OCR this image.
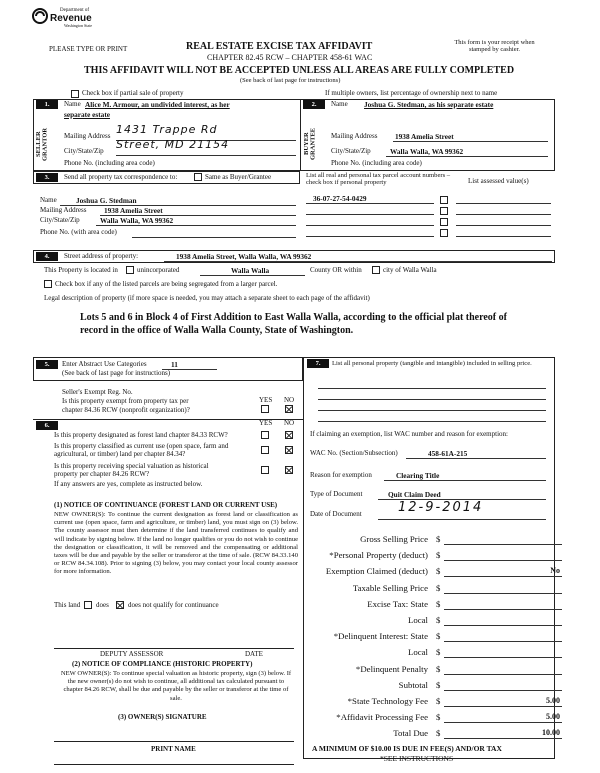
Department of
Revenue
Washington State
PLEASE TYPE OR PRINT	REAL ESTATE EXCISE TAX AFFIDAVIT
CHAPTER 82.45 RCW – CHAPTER 458-61 WAC
This form is your receipt when stamped by cashier.
THIS AFFIDAVIT WILL NOT BE ACCEPTED UNLESS ALL AREAS ARE FULLY COMPLETED
(See back of last page for instructions)
Check box if partial sale of property	If multiple owners, list percentage of ownership next to name
1.
SELLER GRANTOR
Name Alice M. Armour, an undivided interest, as her
separate estate
Mailing Address 1431 Trappe Rd
City/State/Zip Street, MD 21154
Phone No. (including area code)
2.
BUYER GRANTEE
Name Joshua G. Stedman, as his separate estate
Mailing Address 1938 Amelia Street
City/State/Zip	Walla Walla, WA 99362
Phone No. (including area code)
3.	Send all property tax correspondence to:	Same as Buyer/Grantee
Name	Joshua G. Stedman
Mailing Address 1938 Amelia Street
City/State/Zip	Walla Walla, WA 99362
Phone No. (with area code)
List all real and personal tax parcel account numbers – check box if personal property	List assessed value(s)
36-07-27-54-0429
4.	Street address of property:	1938 Amelia Street, Walla Walla, WA 99362
This Property is located in	unincorporated	Walla Walla	County OR within	city of Walla Walla
Check box if any of the listed parcels are being segregated from a larger parcel.
Legal description of property (if more space is needed, you may attach a separate sheet to each page of the affidavit)
Lots 5 and 6 in Block 4 of First Addition to East Walla Walla, according to the official plat thereof of
record in the office of Walla Walla County, State of Washington.
5.	Enter Abstract Use Categories	11
(See back of last page for instructions)
Seller's Exempt Reg. No.
Is this property exempt from property tax per
chapter 84.36 RCW (nonprofit organization)?
YES NO
6.	YES NO
Is this property designated as forest land chapter 84.33 RCW?
Is this property classified as current use (open space, farm and
agricultural, or timber) land per chapter 84.34?
Is this property receiving special valuation as historical
property per chapter 84.26 RCW?
If any answers are yes, complete as instructed below.
(1) NOTICE OF CONTINUANCE (FOREST LAND OR CURRENT USE)
NEW OWNER(S): To continue the current designation as forest land or classification as current use (open space, farm and agriculture, or timber) land, you must sign on (3) below. The county assessor must then determine if the land transferred continues to qualify and will indicate by signing below. If the land no longer qualifies or you do not wish to continue the designation or classification, it will be removed and the compensating or additional taxes will be due and payable by the seller or transferor at the time of sale. (RCW 84.33.140 or RCW 84.34.108). Prior to signing (3) below, you may contact your local county assessor for more information.
This land does	does not qualify for continuance
DEPUTY ASSESSOR	DATE
(2) NOTICE OF COMPLIANCE (HISTORIC PROPERTY)
NEW OWNER(S): To continue special valuation as historic property, sign (3) below. If the new owner(s) do not wish to continue, all additional tax calculated pursuant to chapter 84.26 RCW, shall be due and payable by the seller or transferor at the time of sale.
(3) OWNER(S) SIGNATURE
PRINT NAME
7.	List all personal property (tangible and intangible) included in selling price.
If claiming an exemption, list WAC number and reason for exemption:
WAC No. (Section/Subsection)	458-61A-215
Reason for exemption	Clearing Title
Type of Document	Quit Claim Deed
Date of Document	12-9-2014
Gross Selling Price $
*Personal Property (deduct) $
Exemption Claimed (deduct) $	No
Taxable Selling Price $
Excise Tax: State $
Local $
*Delinquent Interest: State $
Local $
*Delinquent Penalty $
Subtotal $
*State Technology Fee $	5.00
*Affidavit Processing Fee $	5.00
Total Due $	10.00
A MINIMUM OF $10.00 IS DUE IN FEE(S) AND/OR TAX
*SEE INSTRUCTIONS
